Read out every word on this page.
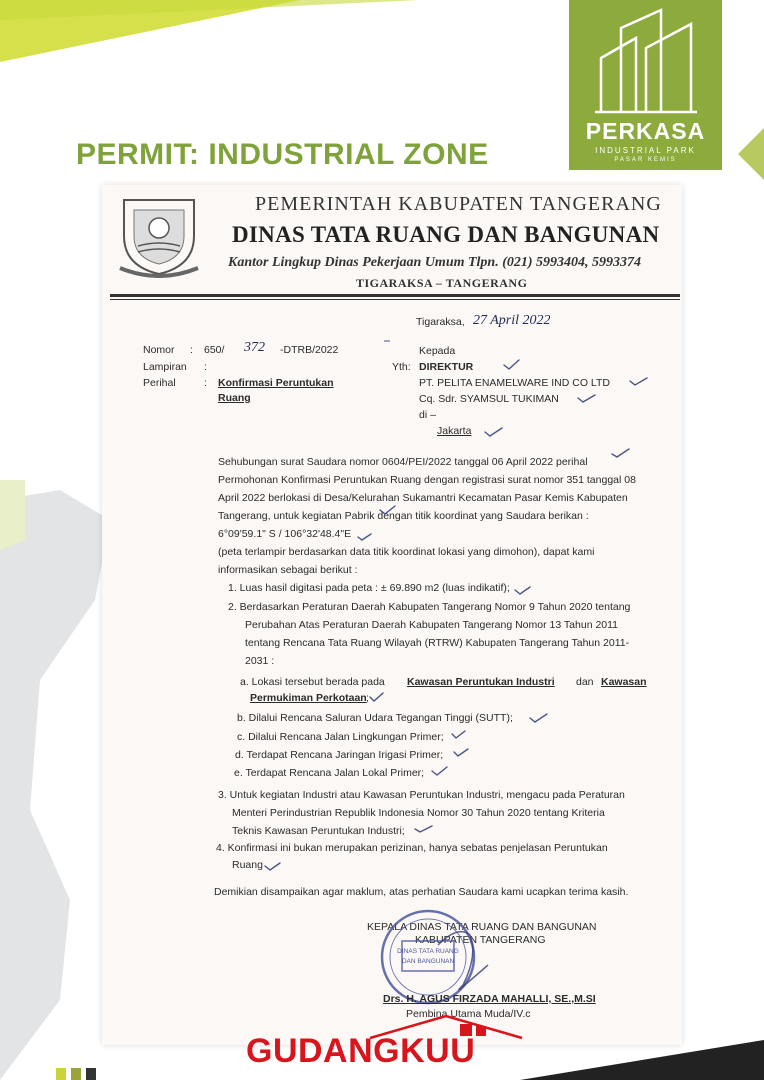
PERKASA
INDUSTRIAL PARK
PASAR KEMIS
PERMIT: INDUSTRIAL ZONE
PEMERINTAH KABUPATEN TANGERANG
DINAS TATA RUANG DAN BANGUNAN
Kantor Lingkup Dinas Pekerjaan Umum Tlpn. (021) 5993404, 5993374
TIGARAKSA – TANGERANG
Tigaraksa, 27 April 2022
Nomor : 650/ 372 -DTRB/2022
Lampiran :
Perihal	: Konfirmasi Peruntukan
Ruang
Kepada
Yth: DIREKTUR
PT. PELITA ENAMELWARE IND CO LTD
Cq. Sdr. SYAMSUL TUKIMAN
di –
Jakarta
Sehubungan surat Saudara nomor 0604/PEI/2022 tanggal 06 April 2022 perihal
Permohonan Konfirmasi Peruntukan Ruang dengan registrasi surat nomor 351 tanggal 08
April 2022 berlokasi di Desa/Kelurahan Sukamantri Kecamatan Pasar Kemis Kabupaten
Tangerang, untuk kegiatan Pabrik dengan titik koordinat yang Saudara berikan :
6°09'59.1" S / 106°32'48.4"E
(peta terlampir berdasarkan data titik koordinat lokasi yang dimohon), dapat kami
informasikan sebagai berikut :
1. Luas hasil digitasi pada peta : ± 69.890 m2 (luas indikatif);
2. Berdasarkan Peraturan Daerah Kabupaten Tangerang Nomor 9 Tahun 2020 tentang
Perubahan Atas Peraturan Daerah Kabupaten Tangerang Nomor 13 Tahun 2011
tentang Rencana Tata Ruang Wilayah (RTRW) Kabupaten Tangerang Tahun 2011-
2031 :
a. Lokasi tersebut berada pada Kawasan Peruntukan Industri dan Kawasan
Permukiman Perkotaan ;
b. Dilalui Rencana Saluran Udara Tegangan Tinggi (SUTT);
c. Dilalui Rencana Jalan Lingkungan Primer;
d. Terdapat Rencana Jaringan Irigasi Primer;
e. Terdapat Rencana Jalan Lokal Primer;
3. Untuk kegiatan Industri atau Kawasan Peruntukan Industri, mengacu pada Peraturan
Menteri Perindustrian Republik Indonesia Nomor 30 Tahun 2020 tentang Kriteria
Teknis Kawasan Peruntukan Industri;
4. Konfirmasi ini bukan merupakan perizinan, hanya sebatas penjelasan Peruntukan
Ruang
Demikian disampaikan agar maklum, atas perhatian Saudara kami ucapkan terima kasih.
KEPALA DINAS TATA RUANG DAN BANGUNAN
KABUPATEN TANGERANG
DINAS TATA RUANG
DAN BANGUNAN
Drs. H. AGUS FIRZADA MAHALLI, SE.,M.SI
Pembina Utama Muda/IV.c
GUDANGKUU
